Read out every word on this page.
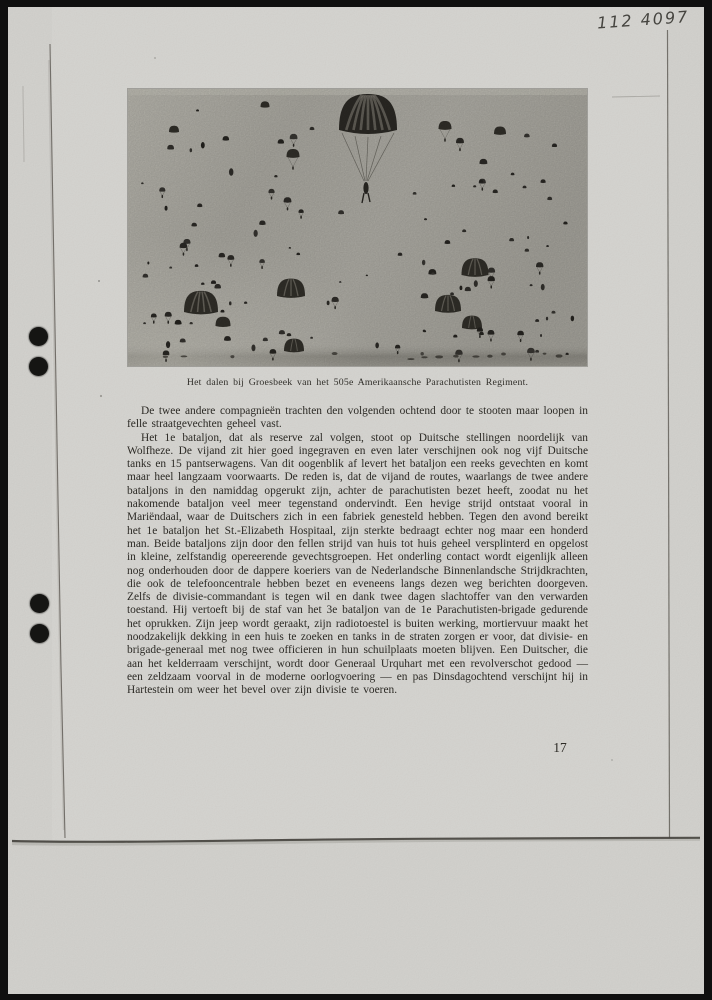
112 4097
Het dalen bij Groesbeek van het 505e Amerikaansche Parachutisten Regiment.

De twee andere compagnieën trachten den volgenden ochtend door te stooten maar loopen in felle straatgevechten geheel vast.

Het 1e bataljon, dat als reserve zal volgen, stoot op Duitsche stellingen noordelijk van Wolfheze. De vijand zit hier goed ingegraven en even later verschijnen ook nog vijf Duitsche tanks en 15 pantserwagens. Van dit oogenblik af levert het bataljon een reeks gevechten en komt maar heel langzaam voorwaarts. De reden is, dat de vijand de routes, waarlangs de twee andere bataljons in den namiddag opgerukt zijn, achter de parachutisten bezet heeft, zoodat nu het nakomende bataljon veel meer tegenstand ondervindt. Een hevige strijd ontstaat vooral in Mariëndaal, waar de Duitschers zich in een fabriek genesteld hebben. Tegen den avond bereikt het 1e bataljon het St.-Elizabeth Hospitaal, zijn sterkte bedraagt echter nog maar een honderd man. Beide bataljons zijn door den fellen strijd van huis tot huis geheel versplinterd en opgelost in kleine, zelfstandig opereerende gevechtsgroepen. Het onderling contact wordt eigenlijk alleen nog onderhouden door de dappere koeriers van de Nederlandsche Binnenlandsche Strijdkrachten, die ook de telefooncentrale hebben bezet en eveneens langs dezen weg berichten doorgeven. Zelfs de divisie-commandant is tegen wil en dank twee dagen slachtoffer van den verwarden toestand. Hij vertoeft bij de staf van het 3e bataljon van de 1e Parachutisten-brigade gedurende het oprukken. Zijn jeep wordt geraakt, zijn radiotoestel is buiten werking, mortiervuur maakt het noodzakelijk dekking in een huis te zoeken en tanks in de straten zorgen er voor, dat divisie- en brigade-generaal met nog twee officieren in hun schuilplaats moeten blijven. Een Duitscher, die aan het kelderraam verschijnt, wordt door Generaal Urquhart met een revolverschot gedood — een zeldzaam voorval in de moderne oorlogvoering — en pas Dinsdagochtend verschijnt hij in Hartestein om weer het bevel over zijn divisie te voeren.

17
